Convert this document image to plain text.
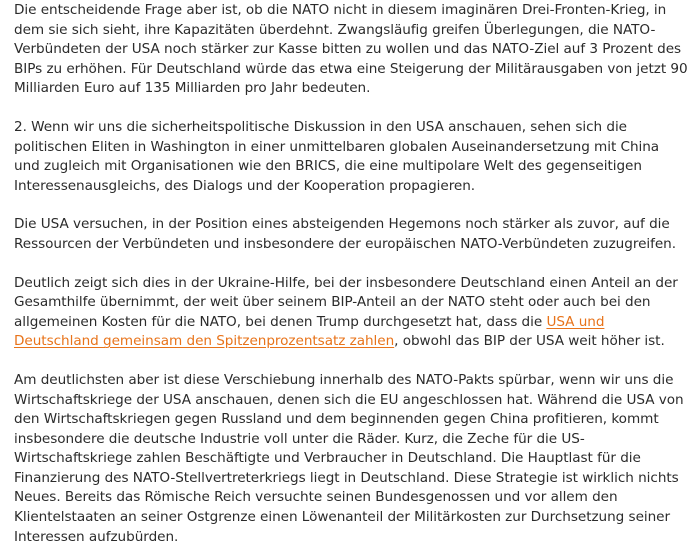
Die entscheidende Frage aber ist, ob die NATO nicht in diesem imaginären Drei-Fronten-Krieg, in dem sie sich sieht, ihre Kapazitäten überdehnt. Zwangsläufig greifen Überlegungen, die NATO-Verbündeten der USA noch stärker zur Kasse bitten zu wollen und das NATO-Ziel auf 3 Prozent des BIPs zu erhöhen. Für Deutschland würde das etwa eine Steigerung der Militärausgaben von jetzt 90 Milliarden Euro auf 135 Milliarden pro Jahr bedeuten.

2. Wenn wir uns die sicherheitspolitische Diskussion in den USA anschauen, sehen sich die politischen Eliten in Washington in einer unmittelbaren globalen Auseinandersetzung mit China und zugleich mit Organisationen wie den BRICS, die eine multipolare Welt des gegenseitigen Interessenausgleichs, des Dialogs und der Kooperation propagieren.

Die USA versuchen, in der Position eines absteigenden Hegemons noch stärker als zuvor, auf die Ressourcen der Verbündeten und insbesondere der europäischen NATO-Verbündeten zuzugreifen.

Deutlich zeigt sich dies in der Ukraine-Hilfe, bei der insbesondere Deutschland einen Anteil an der Gesamthilfe übernimmt, der weit über seinem BIP-Anteil an der NATO steht oder auch bei den allgemeinen Kosten für die NATO, bei denen Trump durchgesetzt hat, dass die USA und Deutschland gemeinsam den Spitzenprozentsatz zahlen, obwohl das BIP der USA weit höher ist.

Am deutlichsten aber ist diese Verschiebung innerhalb des NATO-Pakts spürbar, wenn wir uns die Wirtschaftskriege der USA anschauen, denen sich die EU angeschlossen hat. Während die USA von den Wirtschaftskriegen gegen Russland und dem beginnenden gegen China profitieren, kommt insbesondere die deutsche Industrie voll unter die Räder. Kurz, die Zeche für die US-Wirtschaftskriege zahlen Beschäftigte und Verbraucher in Deutschland. Die Hauptlast für die Finanzierung des NATO-Stellvertreterkriegs liegt in Deutschland. Diese Strategie ist wirklich nichts Neues. Bereits das Römische Reich versuchte seinen Bundesgenossen und vor allem den Klientelstaaten an seiner Ostgrenze einen Löwenanteil der Militärkosten zur Durchsetzung seiner Interessen aufzubürden.
